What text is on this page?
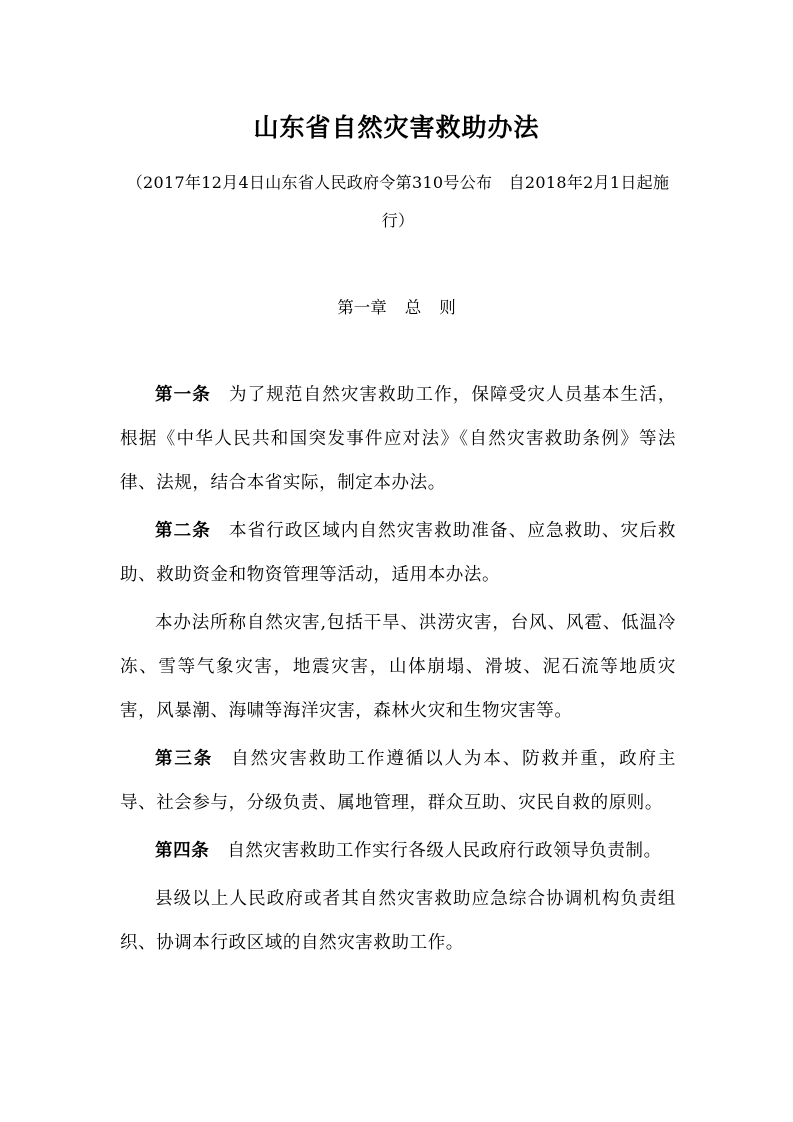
山东省自然灾害救助办法
（2017年12月4日山东省人民政府令第310号公布　自2018年2月1日起施行）
第一章 总 则

第一条 为了规范自然灾害救助工作，保障受灾人员基本生活，根据《中华人民共和国突发事件应对法》《自然灾害救助条例》等法律、法规，结合本省实际，制定本办法。

第二条 本省行政区域内自然灾害救助准备、应急救助、灾后救助、救助资金和物资管理等活动，适用本办法。

本办法所称自然灾害,包括干旱、洪涝灾害，台风、风雹、低温冷冻、雪等气象灾害，地震灾害，山体崩塌、滑坡、泥石流等地质灾害，风暴潮、海啸等海洋灾害，森林火灾和生物灾害等。

第三条 自然灾害救助工作遵循以人为本、防救并重，政府主导、社会参与，分级负责、属地管理，群众互助、灾民自救的原则。

第四条 自然灾害救助工作实行各级人民政府行政领导负责制。

县级以上人民政府或者其自然灾害救助应急综合协调机构负责组织、协调本行政区域的自然灾害救助工作。
